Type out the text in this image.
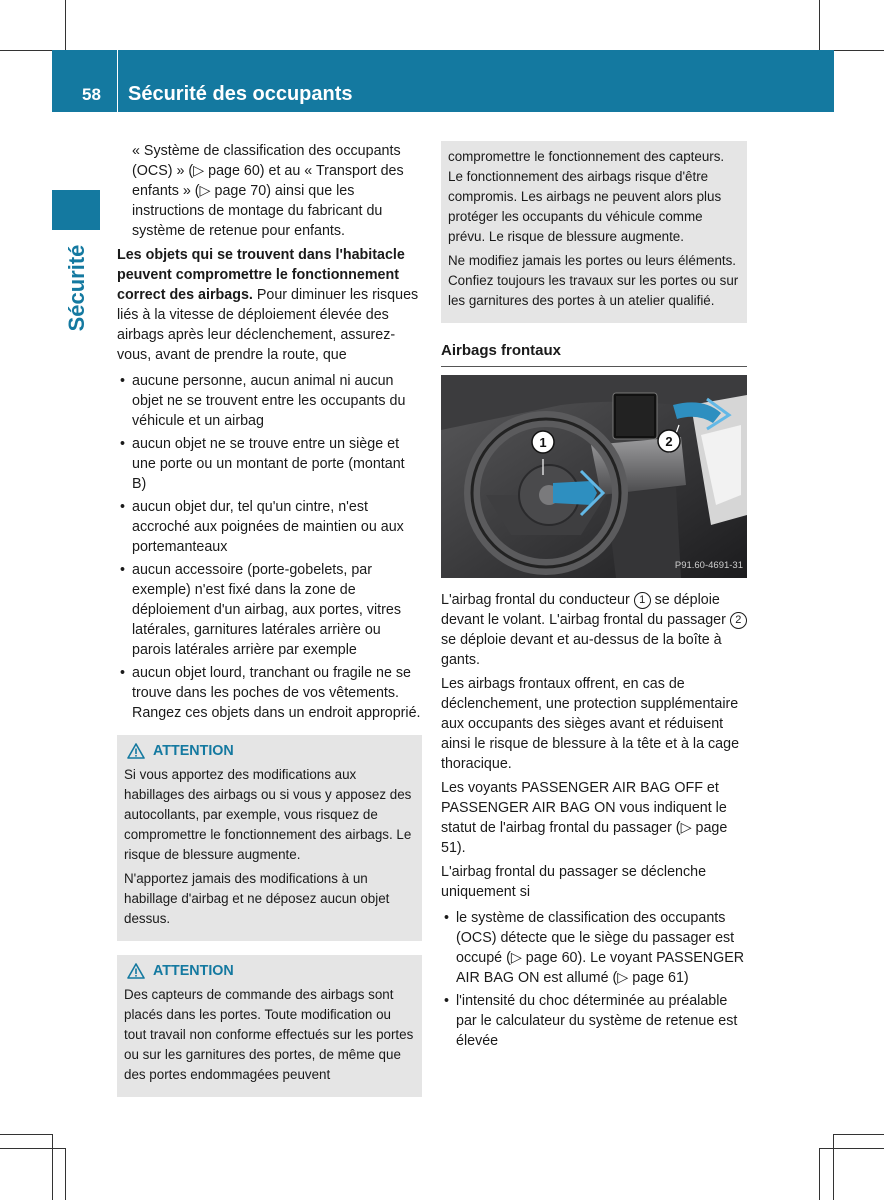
58 Sécurité des occupants
Sécurité

« Système de classification des occupants (OCS) » (▷ page 60) et au « Transport des enfants » (▷ page 70) ainsi que les instructions de montage du fabricant du système de retenue pour enfants.

Les objets qui se trouvent dans l'habitacle peuvent compromettre le fonctionnement correct des airbags. Pour diminuer les risques liés à la vitesse de déploiement élevée des airbags après leur déclenchement, assurez-vous, avant de prendre la route, que

• aucune personne, aucun animal ni aucun objet ne se trouvent entre les occupants du véhicule et un airbag
• aucun objet ne se trouve entre un siège et une porte ou un montant de porte (montant B)
• aucun objet dur, tel qu'un cintre, n'est accroché aux poignées de maintien ou aux portemanteaux
• aucun accessoire (porte-gobelets, par exemple) n'est fixé dans la zone de déploiement d'un airbag, aux portes, vitres latérales, garnitures latérales arrière ou parois latérales arrière par exemple
• aucun objet lourd, tranchant ou fragile ne se trouve dans les poches de vos vêtements. Rangez ces objets dans un endroit approprié.
ATTENTION

Si vous apportez des modifications aux habillages des airbags ou si vous y apposez des autocollants, par exemple, vous risquez de compromettre le fonctionnement des airbags. Le risque de blessure augmente.

N'apportez jamais des modifications à un habillage d'airbag et ne déposez aucun objet dessus.

ATTENTION

Des capteurs de commande des airbags sont placés dans les portes. Toute modification ou tout travail non conforme effectués sur les portes ou sur les garnitures des portes, de même que des portes endommagées peuvent

compromettre le fonctionnement des capteurs. Le fonctionnement des airbags risque d'être compromis. Les airbags ne peuvent alors plus protéger les occupants du véhicule comme prévu. Le risque de blessure augmente.

Ne modifiez jamais les portes ou leurs éléments. Confiez toujours les travaux sur les portes ou sur les garnitures des portes à un atelier qualifié.

Airbags frontaux
1	2
P91.60-4691-31

L'airbag frontal du conducteur 1 se déploie devant le volant. L'airbag frontal du passager 2 se déploie devant et au-dessus de la boîte à gants.

Les airbags frontaux offrent, en cas de déclenchement, une protection supplémentaire aux occupants des sièges avant et réduisent ainsi le risque de blessure à la tête et à la cage thoracique.

Les voyants PASSENGER AIR BAG OFF et PASSENGER AIR BAG ON vous indiquent le statut de l'airbag frontal du passager (▷ page 51).

L'airbag frontal du passager se déclenche uniquement si

• le système de classification des occupants (OCS) détecte que le siège du passager est occupé (▷ page 60). Le voyant PASSENGER AIR BAG ON est allumé (▷ page 61)
• l'intensité du choc déterminée au préalable par le calculateur du système de retenue est élevée
